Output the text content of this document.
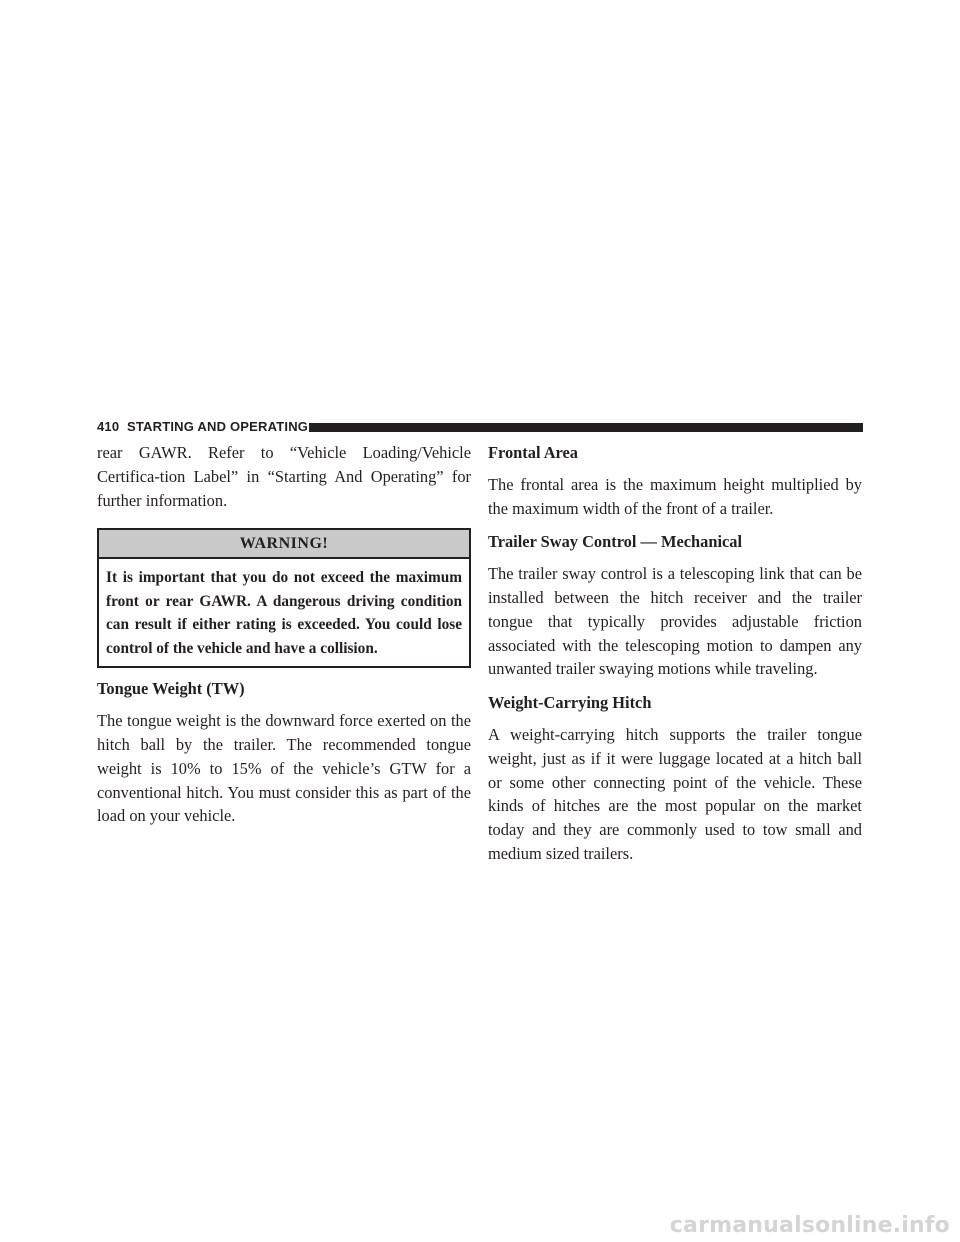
410 STARTING AND OPERATING

rear GAWR. Refer to “Vehicle Loading/Vehicle Certifica-tion Label” in “Starting And Operating” for further information.

WARNING!
It is important that you do not exceed the maximum front or rear GAWR. A dangerous driving condition can result if either rating is exceeded. You could lose control of the vehicle and have a collision.
Tongue Weight (TW)

The tongue weight is the downward force exerted on the hitch ball by the trailer. The recommended tongue weight is 10% to 15% of the vehicle’s GTW for a conventional hitch. You must consider this as part of the load on your vehicle.

Frontal Area

The frontal area is the maximum height multiplied by the maximum width of the front of a trailer.

Trailer Sway Control — Mechanical

The trailer sway control is a telescoping link that can be installed between the hitch receiver and the trailer tongue that typically provides adjustable friction associated with the telescoping motion to dampen any unwanted trailer swaying motions while traveling.

Weight-Carrying Hitch

A weight-carrying hitch supports the trailer tongue weight, just as if it were luggage located at a hitch ball or some other connecting point of the vehicle. These kinds of hitches are the most popular on the market today and they are commonly used to tow small and medium sized trailers.

carmanualsonline.info
